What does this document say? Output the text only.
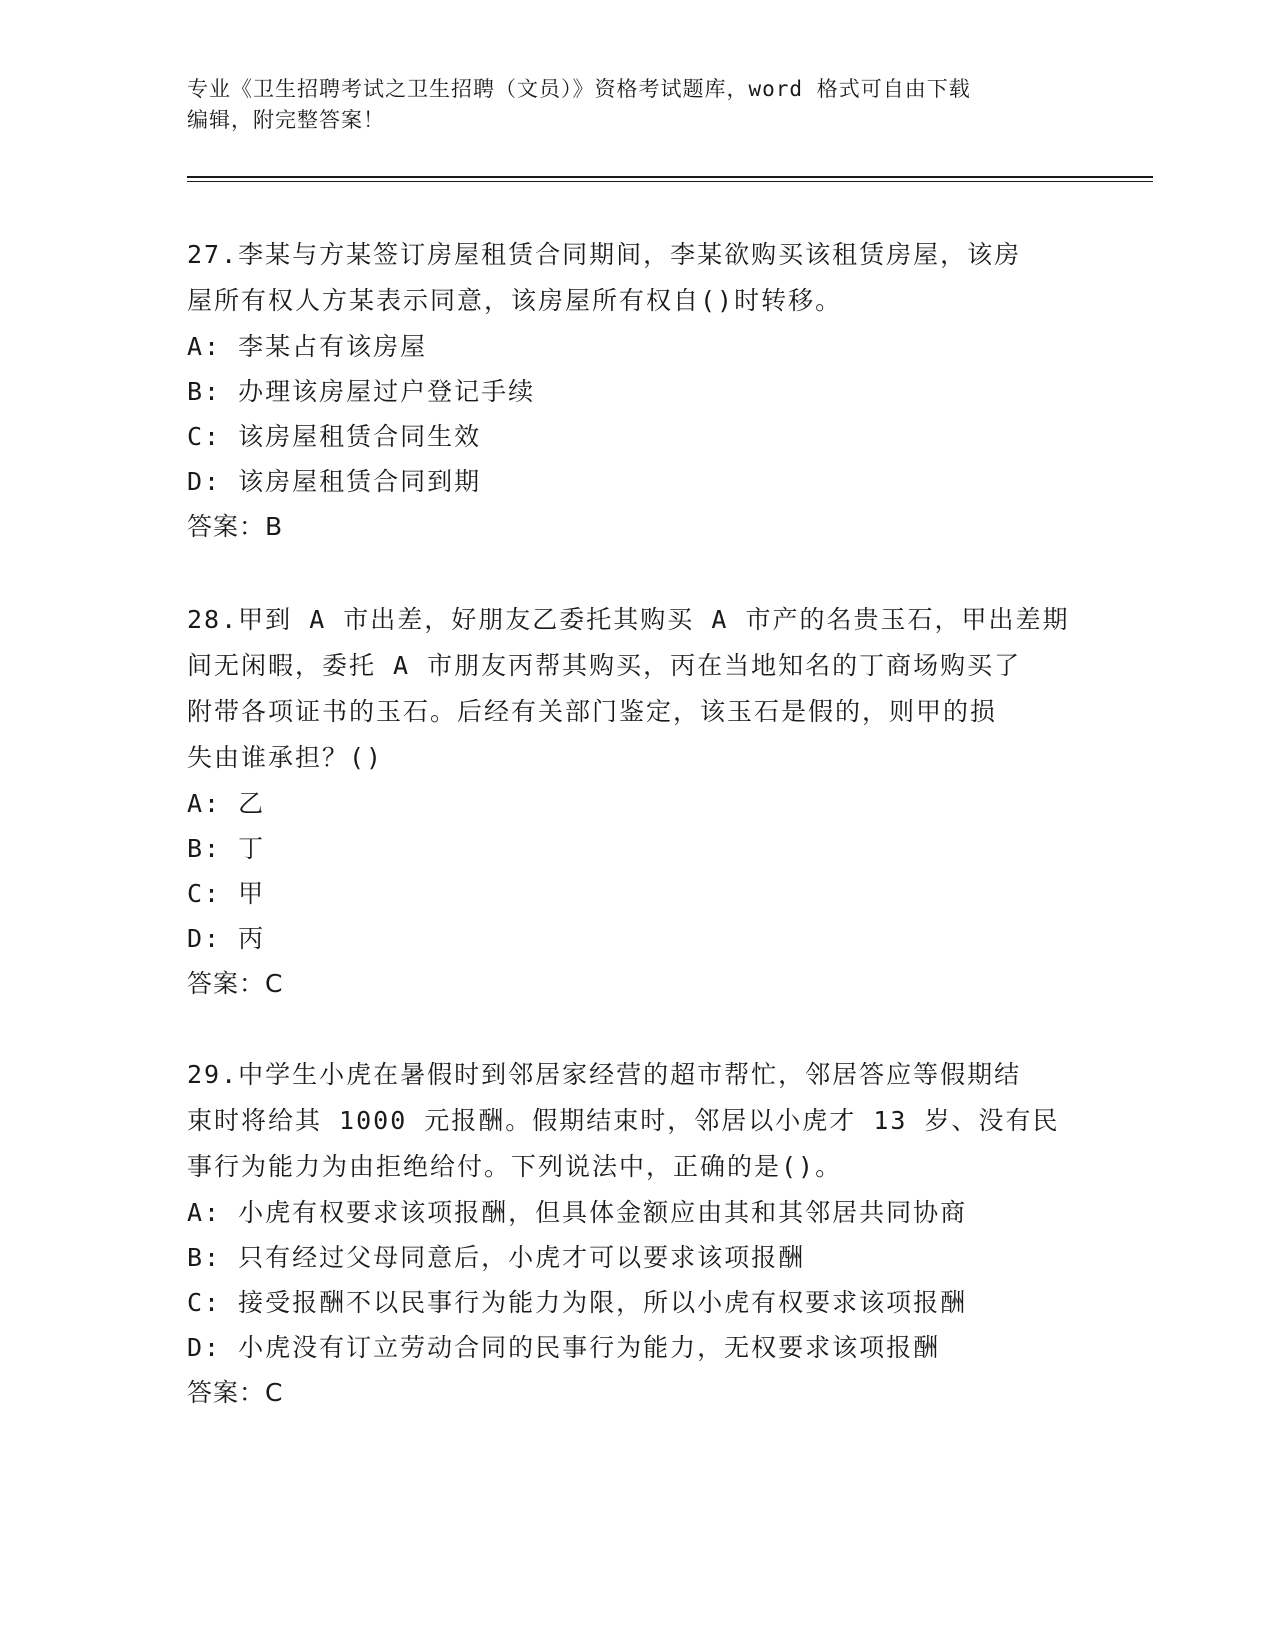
专业《卫生招聘考试之卫生招聘（文员）》资格考试题库，word 格式可自由下载
编辑，附完整答案！
27.李某与方某签订房屋租赁合同期间，李某欲购买该租赁房屋，该房
屋所有权人方某表示同意，该房屋所有权自()时转移。
A: 李某占有该房屋
B: 办理该房屋过户登记手续
C: 该房屋租赁合同生效
D: 该房屋租赁合同到期
答案：B
28.甲到 A 市出差，好朋友乙委托其购买 A 市产的名贵玉石，甲出差期
间无闲暇，委托 A 市朋友丙帮其购买，丙在当地知名的丁商场购买了
附带各项证书的玉石。后经有关部门鉴定，该玉石是假的，则甲的损
失由谁承担？()
A: 乙
B: 丁
C: 甲
D: 丙
答案：C
29.中学生小虎在暑假时到邻居家经营的超市帮忙，邻居答应等假期结
束时将给其 1000 元报酬。假期结束时，邻居以小虎才 13 岁、没有民
事行为能力为由拒绝给付。下列说法中，正确的是()。
A: 小虎有权要求该项报酬，但具体金额应由其和其邻居共同协商
B: 只有经过父母同意后，小虎才可以要求该项报酬
C: 接受报酬不以民事行为能力为限，所以小虎有权要求该项报酬
D: 小虎没有订立劳动合同的民事行为能力，无权要求该项报酬
答案：C
